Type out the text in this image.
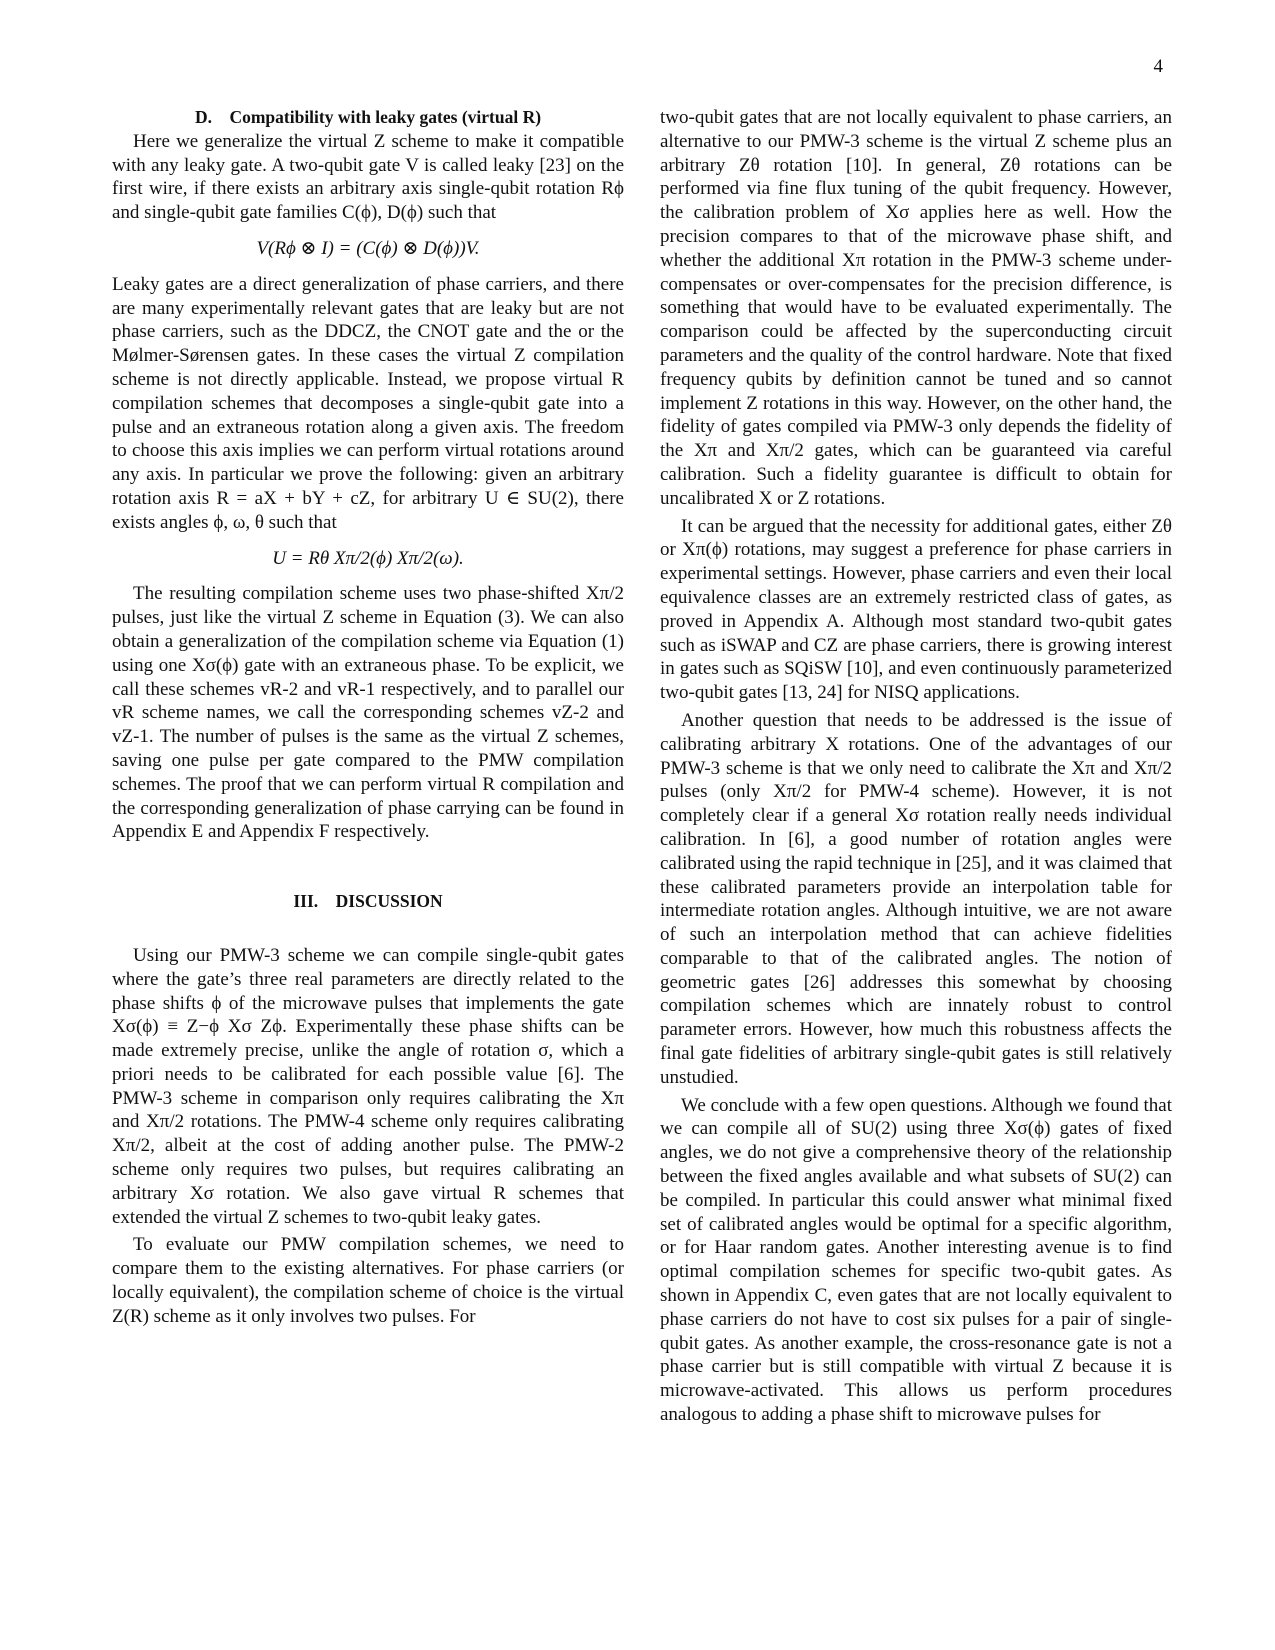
4

D. Compatibility with leaky gates (virtual R)

Here we generalize the virtual Z scheme to make it compatible with any leaky gate. A two-qubit gate V is called leaky [23] on the first wire, if there exists an arbitrary axis single-qubit rotation Rϕ and single-qubit gate families C(ϕ), D(ϕ) such that

V(Rϕ ⊗ I) = (C(ϕ) ⊗ D(ϕ))V.

Leaky gates are a direct generalization of phase carriers, and there are many experimentally relevant gates that are leaky but are not phase carriers, such as the DDCZ, the CNOT gate and the or the Mølmer-Sørensen gates. In these cases the virtual Z compilation scheme is not directly applicable. Instead, we propose virtual R compilation schemes that decomposes a single-qubit gate into a pulse and an extraneous rotation along a given axis. The freedom to choose this axis implies we can perform virtual rotations around any axis. In particular we prove the following: given an arbitrary rotation axis R = aX + bY + cZ, for arbitrary U ∈ SU(2), there exists angles ϕ, ω, θ such that

U = Rθ Xπ/2(ϕ) Xπ/2(ω).

The resulting compilation scheme uses two phase-shifted Xπ/2 pulses, just like the virtual Z scheme in Equation (3). We can also obtain a generalization of the compilation scheme via Equation (1) using one Xσ(ϕ) gate with an extraneous phase. To be explicit, we call these schemes vR-2 and vR-1 respectively, and to parallel our vR scheme names, we call the corresponding schemes vZ-2 and vZ-1. The number of pulses is the same as the virtual Z schemes, saving one pulse per gate compared to the PMW compilation schemes. The proof that we can perform virtual R compilation and the corresponding generalization of phase carrying can be found in Appendix E and Appendix F respectively.

III. DISCUSSION

Using our PMW-3 scheme we can compile single-qubit gates where the gate’s three real parameters are directly related to the phase shifts ϕ of the microwave pulses that implements the gate Xσ(ϕ) ≡ Z−ϕ Xσ Zϕ. Experimentally these phase shifts can be made extremely precise, unlike the angle of rotation σ, which a priori needs to be calibrated for each possible value [6]. The PMW-3 scheme in comparison only requires calibrating the Xπ and Xπ/2 rotations. The PMW-4 scheme only requires calibrating Xπ/2, albeit at the cost of adding another pulse. The PMW-2 scheme only requires two pulses, but requires calibrating an arbitrary Xσ rotation. We also gave virtual R schemes that extended the virtual Z schemes to two-qubit leaky gates.

To evaluate our PMW compilation schemes, we need to compare them to the existing alternatives. For phase carriers (or locally equivalent), the compilation scheme of choice is the virtual Z(R) scheme as it only involves two pulses. For

two-qubit gates that are not locally equivalent to phase carriers, an alternative to our PMW-3 scheme is the virtual Z scheme plus an arbitrary Zθ rotation [10]. In general, Zθ rotations can be performed via fine flux tuning of the qubit frequency. However, the calibration problem of Xσ applies here as well. How the precision compares to that of the microwave phase shift, and whether the additional Xπ rotation in the PMW-3 scheme under-compensates or over-compensates for the precision difference, is something that would have to be evaluated experimentally. The comparison could be affected by the superconducting circuit parameters and the quality of the control hardware. Note that fixed frequency qubits by definition cannot be tuned and so cannot implement Z rotations in this way. However, on the other hand, the fidelity of gates compiled via PMW-3 only depends the fidelity of the Xπ and Xπ/2 gates, which can be guaranteed via careful calibration. Such a fidelity guarantee is difficult to obtain for uncalibrated X or Z rotations.

It can be argued that the necessity for additional gates, either Zθ or Xπ(ϕ) rotations, may suggest a preference for phase carriers in experimental settings. However, phase carriers and even their local equivalence classes are an extremely restricted class of gates, as proved in Appendix A. Although most standard two-qubit gates such as iSWAP and CZ are phase carriers, there is growing interest in gates such as SQiSW [10], and even continuously parameterized two-qubit gates [13, 24] for NISQ applications.

Another question that needs to be addressed is the issue of calibrating arbitrary X rotations. One of the advantages of our PMW-3 scheme is that we only need to calibrate the Xπ and Xπ/2 pulses (only Xπ/2 for PMW-4 scheme). However, it is not completely clear if a general Xσ rotation really needs individual calibration. In [6], a good number of rotation angles were calibrated using the rapid technique in [25], and it was claimed that these calibrated parameters provide an interpolation table for intermediate rotation angles. Although intuitive, we are not aware of such an interpolation method that can achieve fidelities comparable to that of the calibrated angles. The notion of geometric gates [26] addresses this somewhat by choosing compilation schemes which are innately robust to control parameter errors. However, how much this robustness affects the final gate fidelities of arbitrary single-qubit gates is still relatively unstudied.

We conclude with a few open questions. Although we found that we can compile all of SU(2) using three Xσ(ϕ) gates of fixed angles, we do not give a comprehensive theory of the relationship between the fixed angles available and what subsets of SU(2) can be compiled. In particular this could answer what minimal fixed set of calibrated angles would be optimal for a specific algorithm, or for Haar random gates. Another interesting avenue is to find optimal compilation schemes for specific two-qubit gates. As shown in Appendix C, even gates that are not locally equivalent to phase carriers do not have to cost six pulses for a pair of single-qubit gates. As another example, the cross-resonance gate is not a phase carrier but is still compatible with virtual Z because it is microwave-activated. This allows us perform procedures analogous to adding a phase shift to microwave pulses for
